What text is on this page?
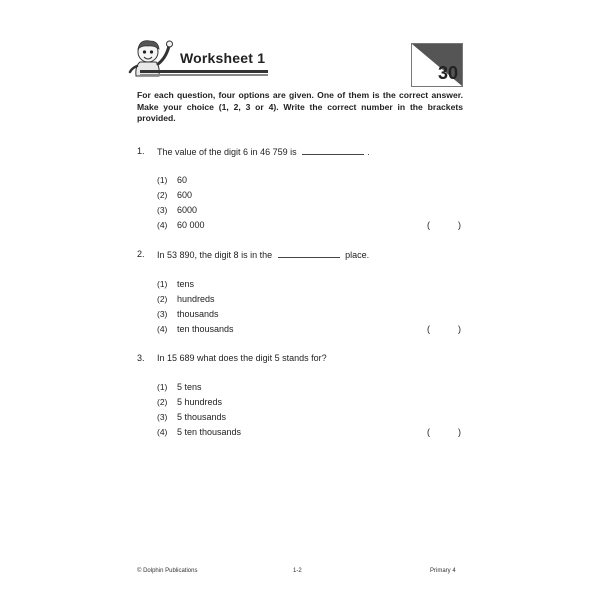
Worksheet 1
30
For each question, four options are given. One of them is the correct answer. Make your choice (1, 2, 3 or 4). Write the correct number in the brackets provided.
1. The value of the digit 6 in 46 759 is	.
(1) 60
(2) 600
(3) 6000
(4) 60 000	(	)
2. In 53 890, the digit 8 is in the	place.
(1) tens
(2) hundreds
(3) thousands
(4) ten thousands	(	)
3. In 15 689 what does the digit 5 stands for?
(1) 5 tens
(2) 5 hundreds
(3) 5 thousands
(4) 5 ten thousands	(	)
© Dolphin Publications	1-2	Primary 4
